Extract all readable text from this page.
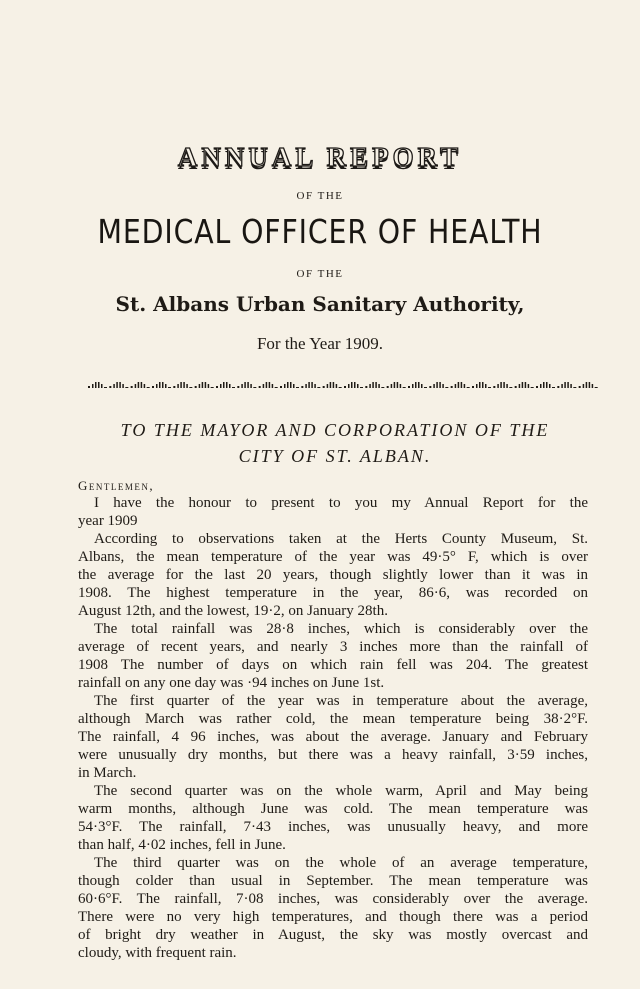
ANNUAL REPORT
OF THE
MEDICAL OFFICER OF HEALTH
OF THE
St. Albans Urban Sanitary Authority,
For the Year 1909.
TO THE MAYOR AND CORPORATION OF THE
CITY OF ST. ALBAN.
Gentlemen,
I have the honour to present to you my Annual Report for the
year 1909
According to observations taken at the Herts County Museum, St.
Albans, the mean temperature of the year was 49·5° F, which is over
the average for the last 20 years, though slightly lower than it was in
1908. The highest temperature in the year, 86·6, was recorded on
August 12th, and the lowest, 19·2, on January 28th.
The total rainfall was 28·8 inches, which is considerably over the
average of recent years, and nearly 3 inches more than the rainfall of
1908 The number of days on which rain fell was 204. The greatest
rainfall on any one day was ·94 inches on June 1st.
The first quarter of the year was in temperature about the average,
although March was rather cold, the mean temperature being 38·2°F.
The rainfall, 4 96 inches, was about the average. January and February
were unusually dry months, but there was a heavy rainfall, 3·59 inches,
in March.
The second quarter was on the whole warm, April and May being
warm months, although June was cold. The mean temperature was
54·3°F. The rainfall, 7·43 inches, was unusually heavy, and more
than half, 4·02 inches, fell in June.
The third quarter was on the whole of an average temperature,
though colder than usual in September. The mean temperature was
60·6°F. The rainfall, 7·08 inches, was considerably over the average.
There were no very high temperatures, and though there was a period
of bright dry weather in August, the sky was mostly overcast and
cloudy, with frequent rain.
